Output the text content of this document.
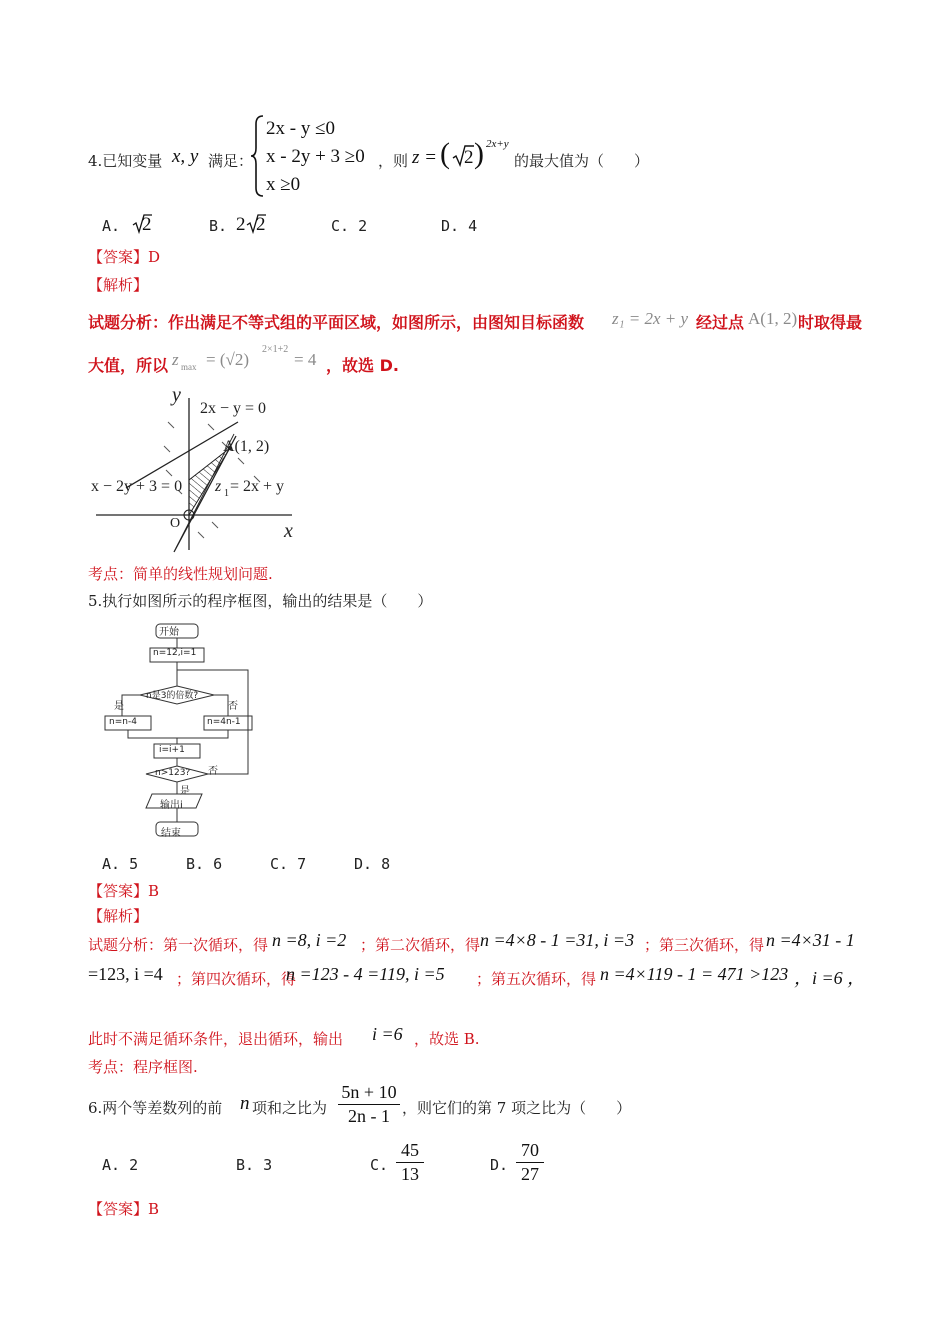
4.已知变量 x, y 满足：
2x - y ≤0
x - 2y + 3 ≥0
x ≥0
，则 z = ( 2 ) 2x+y
的最大值为（　　）
A. 2	B. 2 2	C. 2	D. 4
【答案】D
【解析】
试题分析：作出满足不等式组的平面区域，如图所示，由图知目标函数 z₁ = 2x + y 经过点 A(1, 2) 时取得最
大值，所以 z max = (√2)
2×1+2
= 4 ，故选 D.
y
x
2x − y = 0
x − 2y + 3 = 0
A(1, 2)
z 1 = 2x + y
O
考点：简单的线性规划问题.
5.执行如图所示的程序框图，输出的结果是（　　）
开始
n=12,i=1
n是3的倍数?
是	否
n=n-4	n=4n-1
i=i+1
n>123? 否
是
输出i
结束
A. 5	B. 6	C. 7	D. 8
【答案】B
【解析】
试题分析：第一次循环，得 n =8, i =2 ；第二次循环，得 n =4×8 - 1 =31, i =3 ；第三次循环，得 n =4×31 - 1
=123, i =4 ；第四次循环，得
n =123 - 4 =119, i =5 ；第五次循环，得 n =4×119 - 1 = 471 >123 ，i =6 ，
此时不满足循环条件，退出循环，输出 i =6 ，故选 B.
考点：程序框图.
6.两个等差数列的前 n 项和之比为 $\frac{5n + 10}{2n - 1}$ ，则它们的第 7 项之比为（　　）
A. 2	B. 3	C. $\frac{45}{13}$	D. $\frac{70}{27}$
【答案】B
